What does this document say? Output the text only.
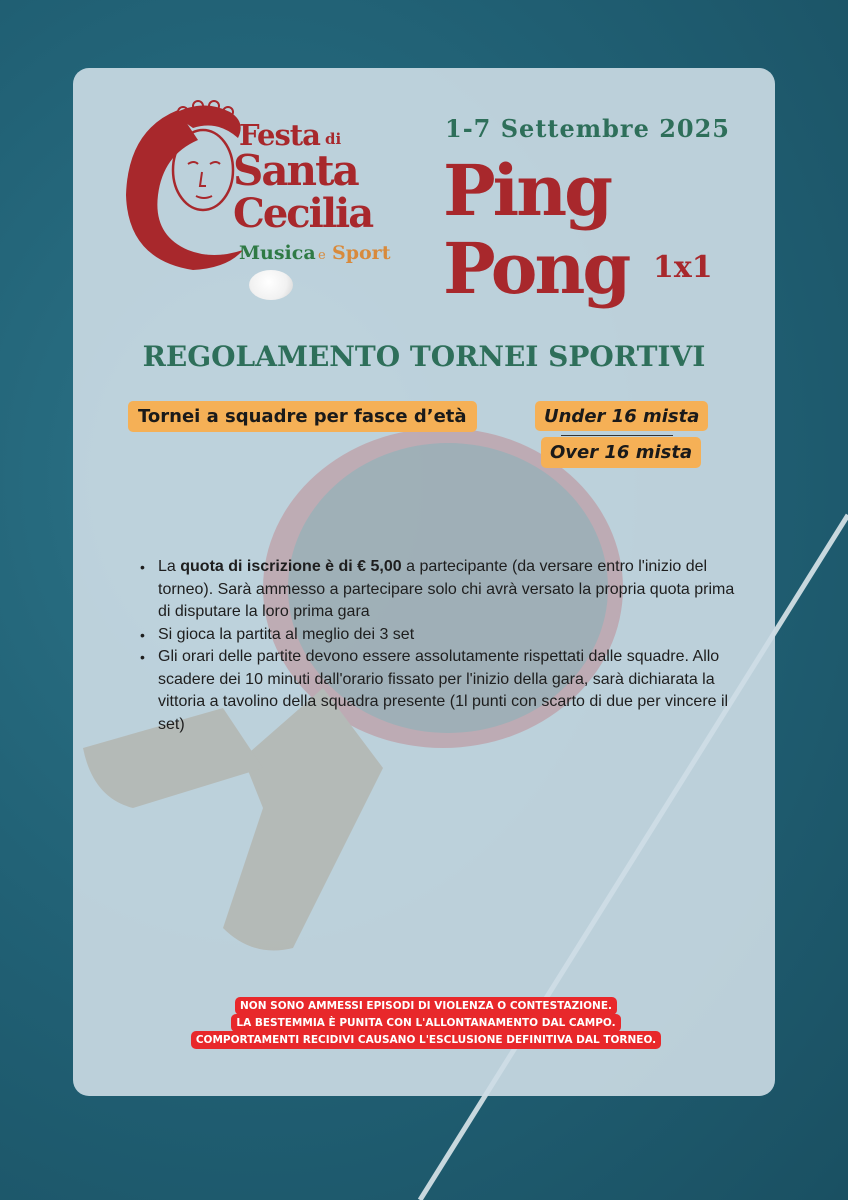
Festa di
Santa
Cecilia
Musica e Sport
1-7 Settembre 2025
Ping
Pong 1x1
REGOLAMENTO TORNEI SPORTIVI
Tornei a squadre per fasce d’età	Under 16 mista
Over 16 mista
• La quota di iscrizione è di € 5,00 a partecipante (da versare entro l'inizio del torneo). Sarà ammesso a partecipare solo chi avrà versato la propria quota prima di disputare la loro prima gara
• Si gioca la partita al meglio dei 3 set
• Gli orari delle partite devono essere assolutamente rispettati dalle squadre. Allo scadere dei 10 minuti dall'orario fissato per l'inizio della gara, sarà dichiarata la vittoria a tavolino della squadra presente (1l punti con scarto di due per vincere il set)
NON SONO AMMESSI EPISODI DI VIOLENZA O CONTESTAZIONE.
LA BESTEMMIA È PUNITA CON L'ALLONTANAMENTO DAL CAMPO.
COMPORTAMENTI RECIDIVI CAUSANO L'ESCLUSIONE DEFINITIVA DAL TORNEO.
